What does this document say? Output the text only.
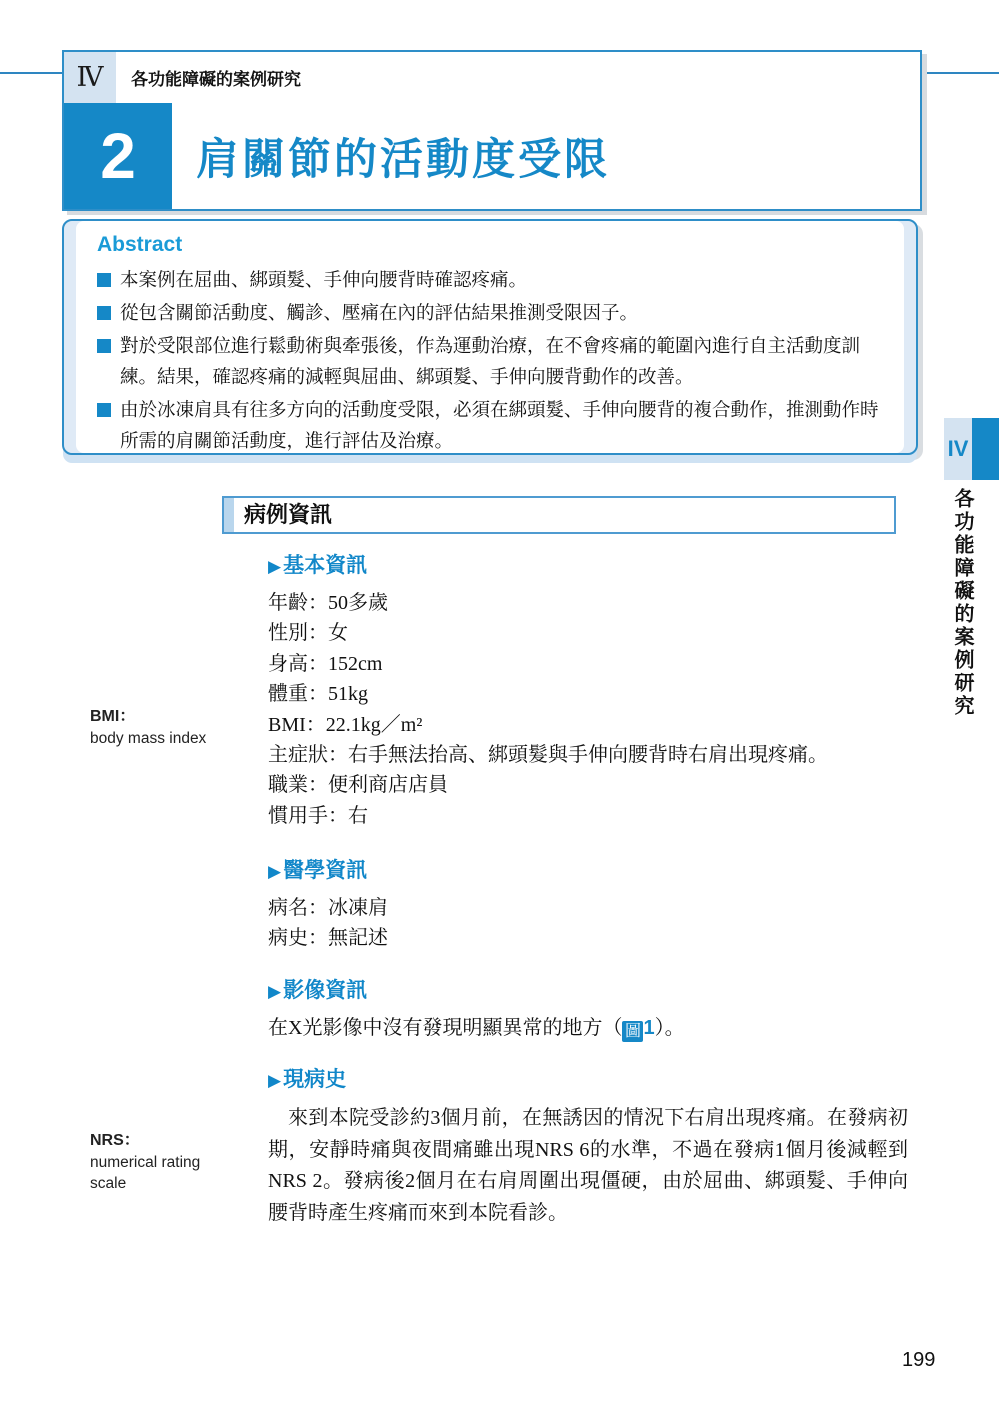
Ⅳ	各功能障礙的案例研究
2	肩關節的活動度受限
Abstract
本案例在屈曲、綁頭髮、手伸向腰背時確認疼痛。
從包含關節活動度、觸診、壓痛在內的評估結果推測受限因子。
對於受限部位進行鬆動術與牽張後，作為運動治療，在不會疼痛的範圍內進行自主活動度訓練。結果，確認疼痛的減輕與屈曲、綁頭髮、手伸向腰背動作的改善。
由於冰凍肩具有往多方向的活動度受限，必須在綁頭髮、手伸向腰背的複合動作，推測動作時所需的肩關節活動度，進行評估及治療。	IV
各功能障礙的案例研究
病例資訊
▶基本資訊
年齡：50多歲
性別：女
身高：152cm
體重：51kg
BMI：22.1kg／m²
主症狀：右手無法抬高、綁頭髮與手伸向腰背時右肩出現疼痛。
職業：便利商店店員
慣用手：右
▶醫學資訊
病名：冰凍肩
病史：無記述
▶影像資訊
在X光影像中沒有發現明顯異常的地方（ 圖 1）。
▶現病史
來到本院受診約3個月前，在無誘因的情況下右肩出現疼痛。在發病初期，安靜時痛與夜間痛雖出現NRS 6的水準，不過在發病1個月後減輕到NRS 2。發病後2個月在右肩周圍出現僵硬，由於屈曲、綁頭髮、手伸向腰背時產生疼痛而來到本院看診。
BMI：
body mass index
NRS：
numerical rating scale
199
